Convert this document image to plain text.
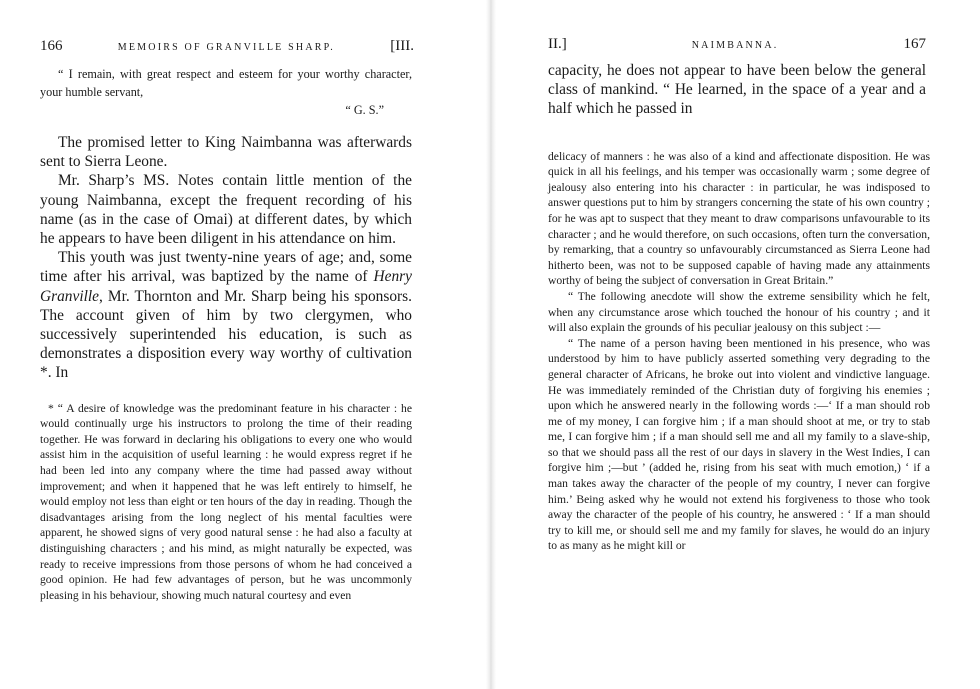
166	MEMOIRS OF GRANVILLE SHARP.	[III.

“ I remain, with great respect and esteem for your worthy character, your humble servant,

“ G. S.”

The promised letter to King Naimbanna was afterwards sent to Sierra Leone.

Mr. Sharp’s MS. Notes contain little mention of the young Naimbanna, except the frequent recording of his name (as in the case of Omai) at different dates, by which he appears to have been diligent in his attendance on him.

This youth was just twenty-nine years of age; and, some time after his arrival, was baptized by the name of Henry Granville, Mr. Thornton and Mr. Sharp being his sponsors. The account given of him by two clergymen, who successively superintended his education, is such as demonstrates a disposition every way worthy of cultivation *. In

* “ A desire of knowledge was the predominant feature in his character : he would continually urge his instructors to prolong the time of their reading together. He was forward in declaring his obligations to every one who would assist him in the acquisition of useful learning : he would express regret if he had been led into any company where the time had passed away without improvement; and when it happened that he was left entirely to himself, he would employ not less than eight or ten hours of the day in reading. Though the disadvantages arising from the long neglect of his mental faculties were apparent, he showed signs of very good natural sense : he had also a faculty at distinguishing characters ; and his mind, as might naturally be expected, was ready to receive impressions from those persons of whom he had conceived a good opinion. He had few advantages of person, but he was uncommonly pleasing in his behaviour, showing much natural courtesy and even

II.]	NAIMBANNA.	167

capacity, he does not appear to have been below the general class of mankind. “ He learned, in the space of a year and a half which he passed in

delicacy of manners : he was also of a kind and affectionate disposition. He was quick in all his feelings, and his temper was occasionally warm ; some degree of jealousy also entering into his character : in particular, he was indisposed to answer questions put to him by strangers concerning the state of his own country ; for he was apt to suspect that they meant to draw comparisons unfavourable to its character ; and he would therefore, on such occasions, often turn the conversation, by remarking, that a country so unfavourably circumstanced as Sierra Leone had hitherto been, was not to be supposed capable of having made any attainments worthy of being the subject of conversation in Great Britain.”

“ The following anecdote will show the extreme sensibility which he felt, when any circumstance arose which touched the honour of his country ; and it will also explain the grounds of his peculiar jealousy on this subject :—

“ The name of a person having been mentioned in his presence, who was understood by him to have publicly asserted something very degrading to the general character of Africans, he broke out into violent and vindictive language. He was immediately reminded of the Christian duty of forgiving his enemies ; upon which he answered nearly in the following words :—‘ If a man should rob me of my money, I can forgive him ; if a man should shoot at me, or try to stab me, I can forgive him ; if a man should sell me and all my family to a slave-ship, so that we should pass all the rest of our days in slavery in the West Indies, I can forgive him ;—but ’ (added he, rising from his seat with much emotion,) ‘ if a man takes away the character of the people of my country, I never can forgive him.’ Being asked why he would not extend his forgiveness to those who took away the character of the people of his country, he answered : ‘ If a man should try to kill me, or should sell me and my family for slaves, he would do an injury to as many as he might kill or
